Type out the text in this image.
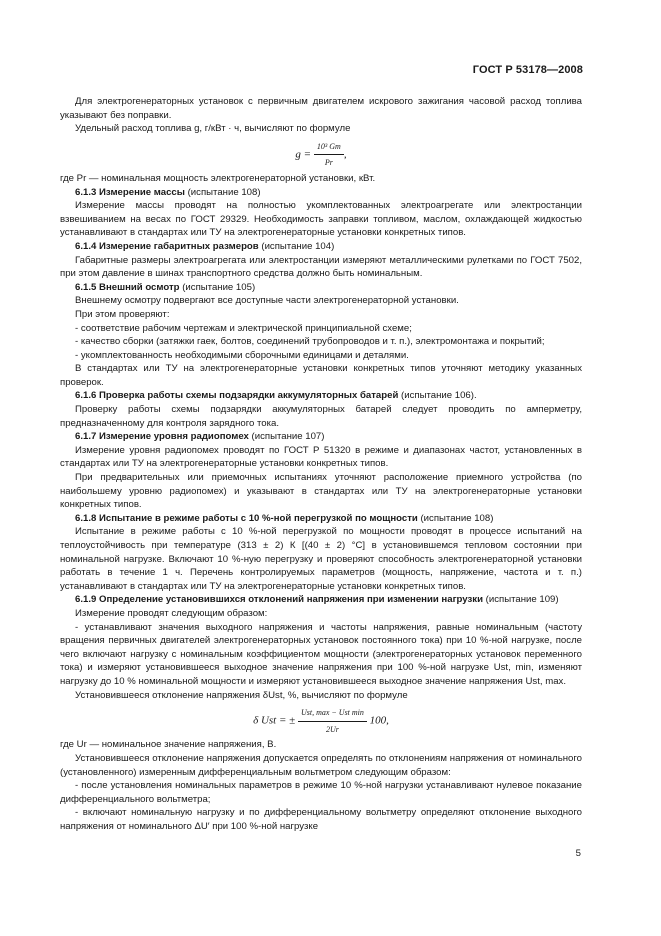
ГОСТ Р 53178—2008

Для электрогенераторных установок с первичным двигателем искрового зажигания часовой расход топлива указывают без поправки.

Удельный расход топлива g, г/кВт · ч, вычисляют по формуле

$g = \frac{\text{10³ Gт}}{Pr}$ ,

где Pr — номинальная мощность электрогенераторной установки, кВт.

6.1.3 Измерение массы (испытание 108)

Измерение массы проводят на полностью укомплектованных электроагрегате или электростанции взвешиванием на весах по ГОСТ 29329. Необходимость заправки топливом, маслом, охлаждающей жидкостью устанавливают в стандартах или ТУ на электрогенераторные установки конкретных типов.

6.1.4 Измерение габаритных размеров (испытание 104)

Габаритные размеры электроагрегата или электростанции измеряют металлическими рулетками по ГОСТ 7502, при этом давление в шинах транспортного средства должно быть номинальным.

6.1.5 Внешний осмотр (испытание 105)

Внешнему осмотру подвергают все доступные части электрогенераторной установки.

При этом проверяют:

- соответствие рабочим чертежам и электрической принципиальной схеме;

- качество сборки (затяжки гаек, болтов, соединений трубопроводов и т. п.), электромонтажа и покрытий;

- укомплектованность необходимыми сборочными единицами и деталями.

В стандартах или ТУ на электрогенераторные установки конкретных типов уточняют методику указанных проверок.

6.1.6 Проверка работы схемы подзарядки аккумуляторных батарей (испытание 106).

Проверку работы схемы подзарядки аккумуляторных батарей следует проводить по амперметру, предназначенному для контроля зарядного тока.

6.1.7 Измерение уровня радиопомех (испытание 107)

Измерение уровня радиопомех проводят по ГОСТ Р 51320 в режиме и диапазонах частот, установленных в стандартах или ТУ на электрогенераторные установки конкретных типов.

При предварительных или приемочных испытаниях уточняют расположение приемного устройства (по наибольшему уровню радиопомех) и указывают в стандартах или ТУ на электрогенераторные установки конкретных типов.

6.1.8 Испытание в режиме работы с 10 %-ной перегрузкой по мощности (испытание 108)

Испытание в режиме работы с 10 %-ной перегрузкой по мощности проводят в процессе испытаний на теплоустойчивость при температуре (313 ± 2) К [(40 ± 2) °С] в установившемся тепловом состоянии при номинальной нагрузке. Включают 10 %-ную перегрузку и проверяют способность электрогенераторной установки работать в течение 1 ч. Перечень контролируемых параметров (мощность, напряжение, частота и т. п.) устанавливают в стандартах или ТУ на электрогенераторные установки конкретных типов.

6.1.9 Определение установившихся отклонений напряжения при изменении нагрузки (испытание 109)

Измерение проводят следующим образом:

- устанавливают значения выходного напряжения и частоты напряжения, равные номинальным (частоту вращения первичных двигателей электрогенераторных установок постоянного тока) при 10 %-ной нагрузке, после чего включают нагрузку с номинальным коэффициентом мощности (электрогенераторных установок переменного тока) и измеряют установившееся выходное значение напряжения при 100 %-ной нагрузке Ust, min, изменяют нагрузку до 10 % номинальной мощности и измеряют установившееся выходное значение напряжения Ust, max.

Установившееся отклонение напряжения δUst, %, вычисляют по формуле

δ Ust = ± $\frac{\text{Ust, max − Ust min}}{2Ur} 100$,

где Ur — номинальное значение напряжения, В.

Установившееся отклонение напряжения допускается определять по отклонениям напряжения от номинального (установленного) измеренным дифференциальным вольтметром следующим образом:

- после установления номинальных параметров в режиме 10 %-ной нагрузки устанавливают нулевое показание дифференциального вольтметра;

- включают номинальную нагрузку и по дифференциальному вольтметру определяют отклонение выходного напряжения от номинального ΔU′ при 100 %-ной нагрузке

5
